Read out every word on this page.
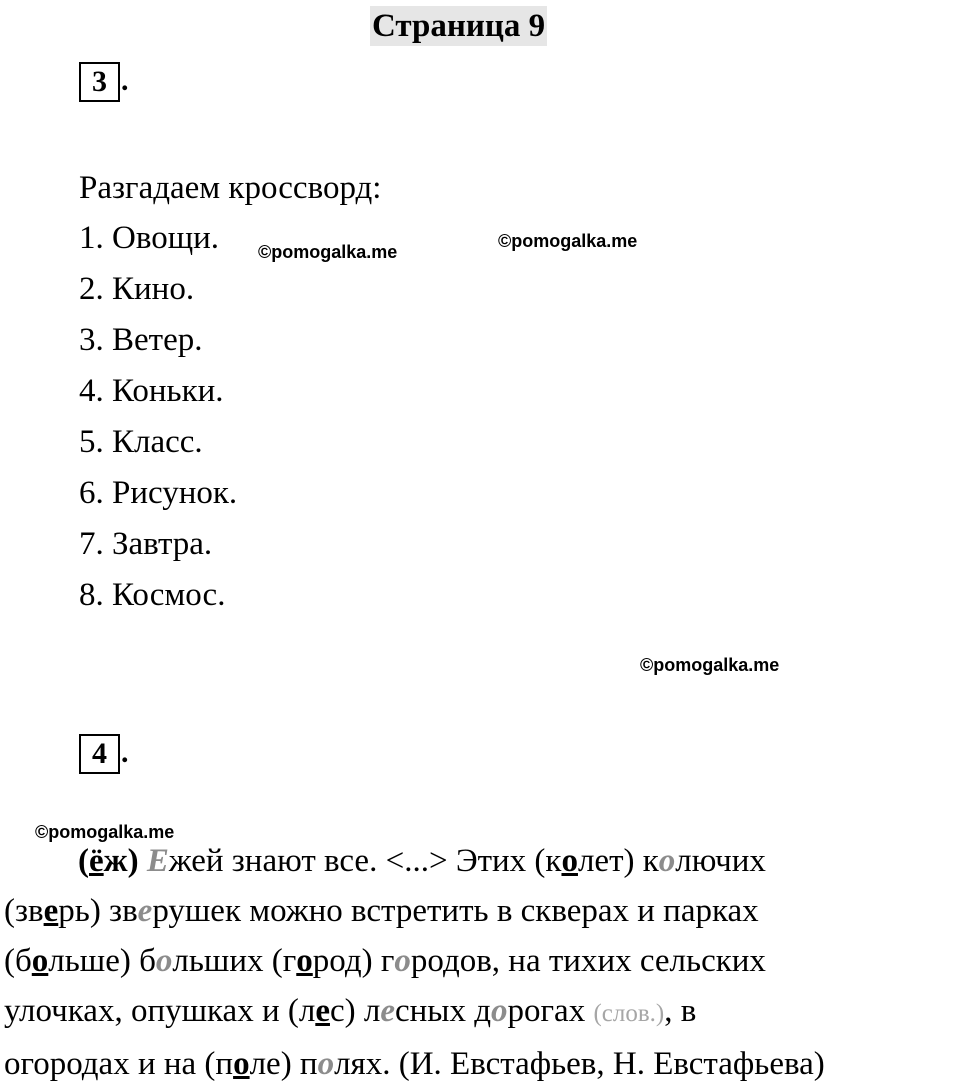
Страница 9
3 .
Разгадаем кроссворд:
1. Овощи.
2. Кино.
3. Ветер.
4. Коньки.
5. Класс.
6. Рисунок.
7. Завтра.
8. Космос.
©pomogalka.me
©pomogalka.me
©pomogalka.me
4 .
©pomogalka.me
(ёж) Ежей знают все. <...> Этих (колет) колючих
(зверь) зверушек можно встретить в скверах и парках
(больше) больших (город) городов, на тихих сельских
улочках, опушках и (лес) лесных дорогах (слов.), в
огородах и на (поле) полях. (И. Евстафьев, Н. Евстафьева)
